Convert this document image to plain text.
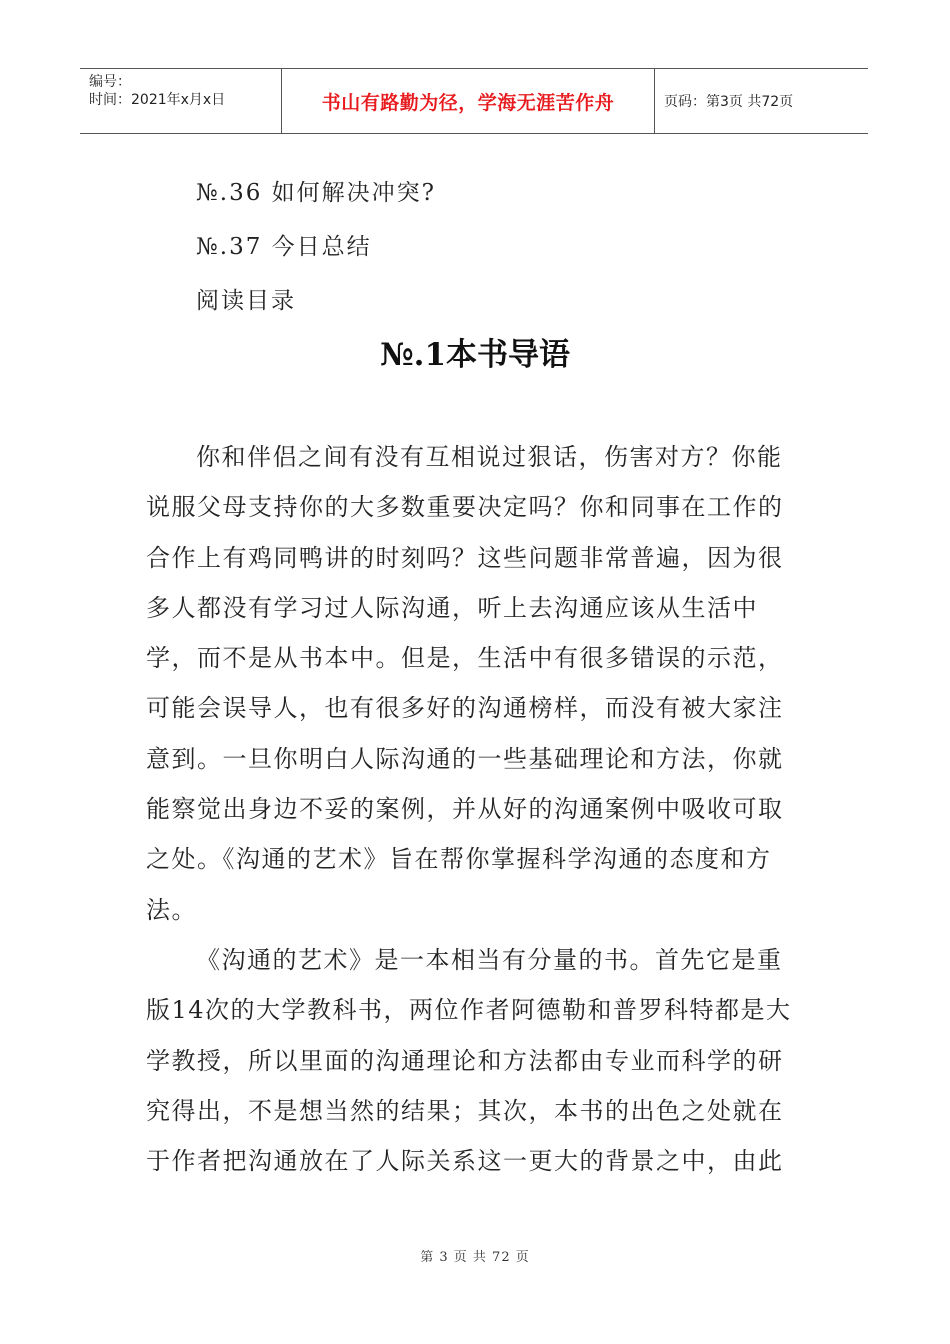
编号：
时间：2021年x月x日	书山有路勤为径，学海无涯苦作舟	页码：第3页 共72页
№.36 如何解决冲突?
№.37 今日总结
阅读目录
№.1本书导语
你和伴侣之间有没有互相说过狠话，伤害对方？你能
说服父母支持你的大多数重要决定吗？你和同事在工作的
合作上有鸡同鸭讲的时刻吗？这些问题非常普遍，因为很
多人都没有学习过人际沟通，听上去沟通应该从生活中
学，而不是从书本中。但是，生活中有很多错误的示范，
可能会误导人，也有很多好的沟通榜样，而没有被大家注
意到。一旦你明白人际沟通的一些基础理论和方法，你就
能察觉出身边不妥的案例，并从好的沟通案例中吸收可取
之处。《沟通的艺术》旨在帮你掌握科学沟通的态度和方
法。
《沟通的艺术》是一本相当有分量的书。首先它是重
版14次的大学教科书，两位作者阿德勒和普罗科特都是大
学教授，所以里面的沟通理论和方法都由专业而科学的研
究得出，不是想当然的结果；其次，本书的出色之处就在
于作者把沟通放在了人际关系这一更大的背景之中，由此
第 3 页 共 72 页
